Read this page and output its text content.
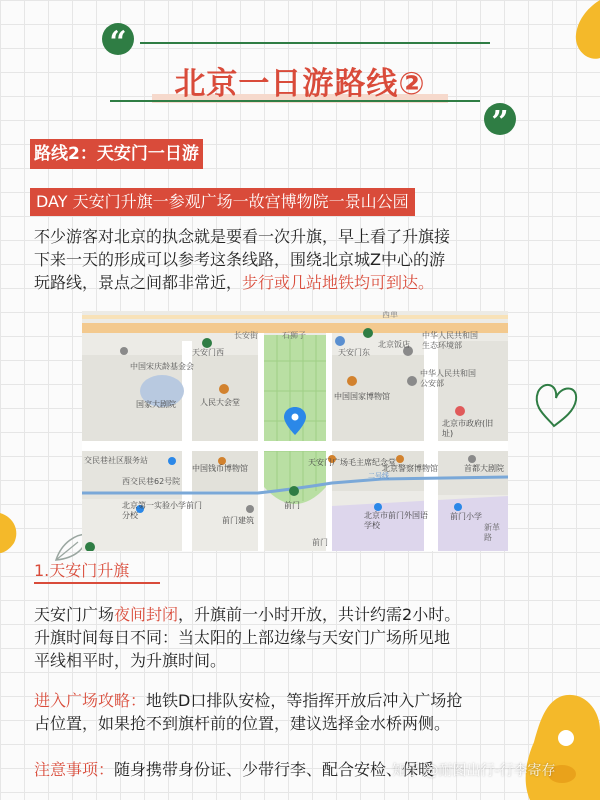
“
”
北京一日游路线②
路线2：天安门一日游
DAY 天安门升旗一参观广场一故宫博物院一景山公园
不少游客对北京的执念就是要看一次升旗，早上看了升旗接
下来一天的形成可以参考这条线路，围绕北京城Z中心的游
玩路线，景点之间都非常近，步行或几站地铁均可到达。
西单
长安街	石狮子
天安门西	天安门东
北京饭店
中国宋庆龄基金会
国家大剧院	人民大会堂
中国国家博物馆
中华人民共和国生态环境部
中华人民共和国公安部
北京市政府(旧址)
交民巷社区服务站
中国钱币博物馆
天安门广场毛主席纪念堂
北京警察博物馆	首都大剧院
西交民巷62号院
北京第一实验小学前门分校
前门
前门建筑
北京市前门外国语学校
前门小学
前门
二号线
新革路
1.天安门升旗
天安门广场夜间封闭，升旗前一小时开放，共计约需2小时。
升旗时间每日不同：当太阳的上部边缘与天安门广场所见地
平线相平时，为升旗时间。
进入广场攻略：地铁D口排队安检，等指挥开放后冲入广场抢
占位置，如果抢不到旗杆前的位置，建议选择金水桥两侧。
注意事项：随身携带身份证、少带行李、配合安检、保暖
知乎 @耐图出行-行李寄存
